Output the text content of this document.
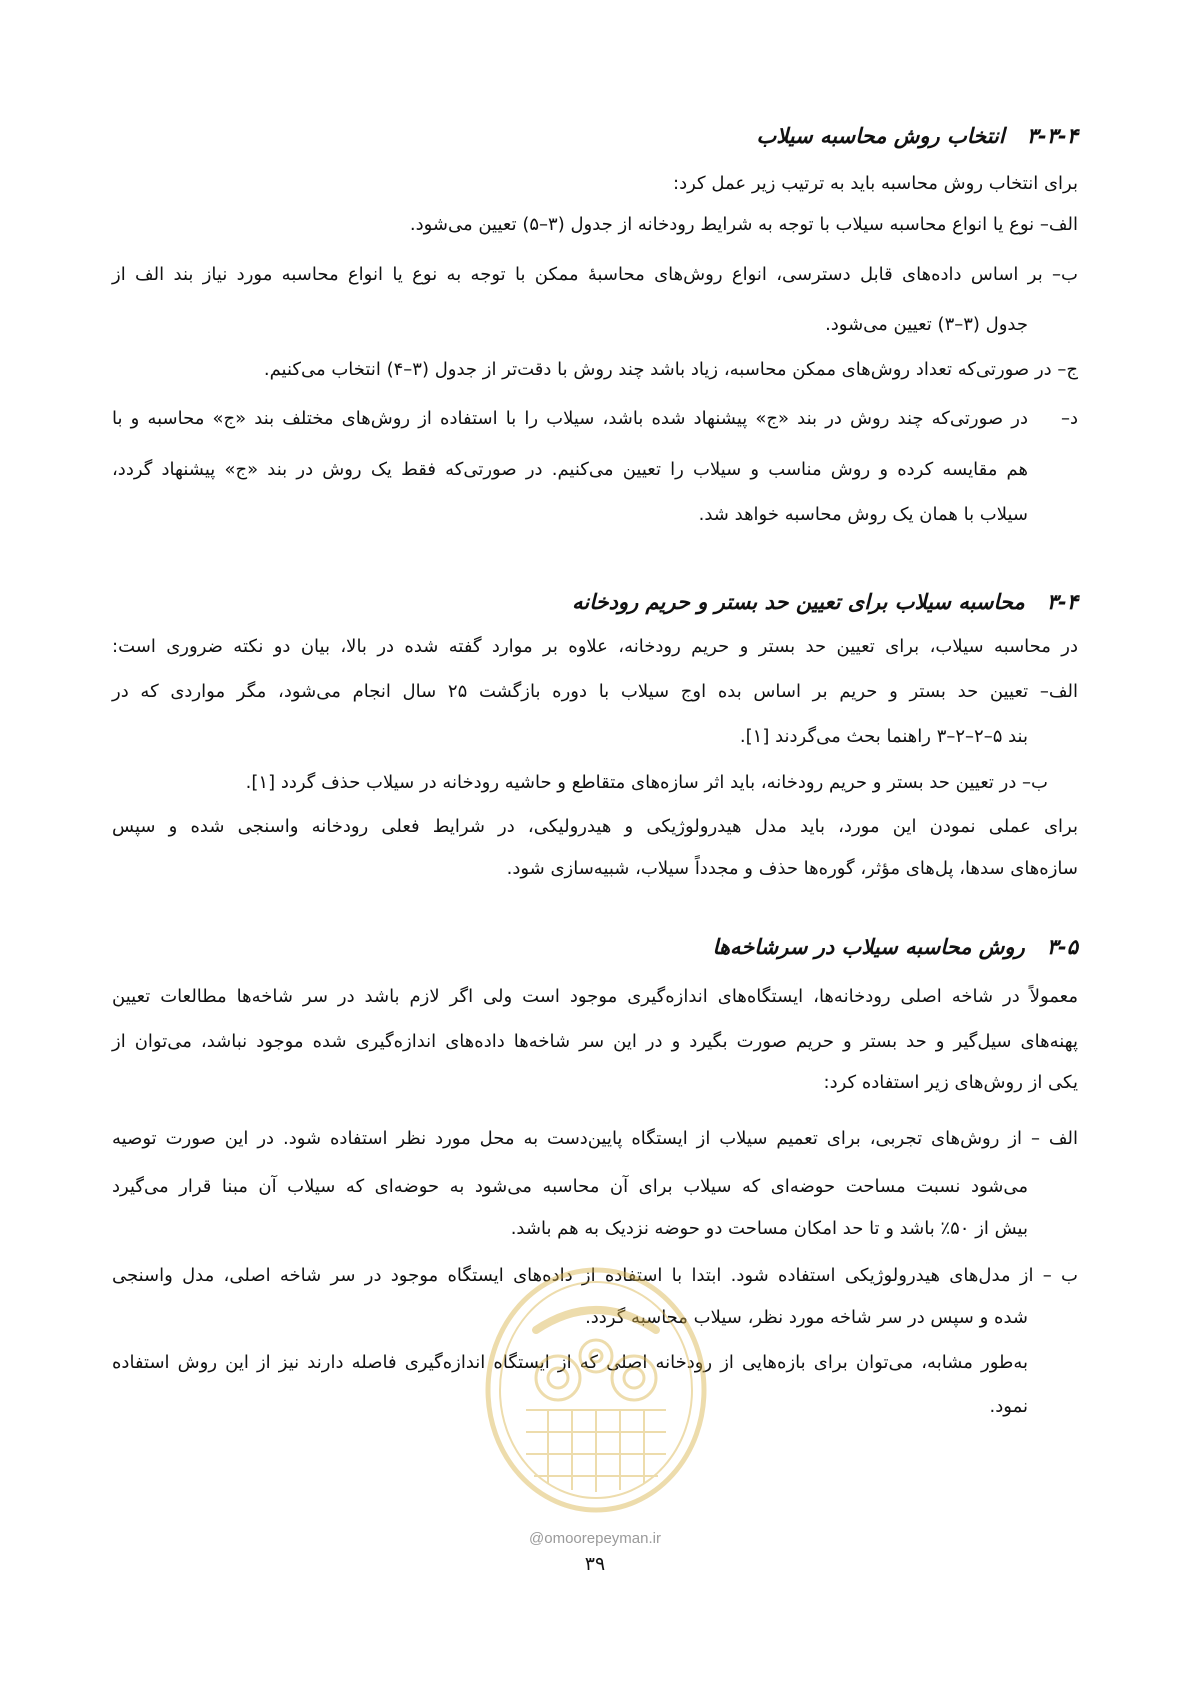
۳-۳-۴انتخاب روش محاسبه سیلاب
برای انتخاب روش محاسبه باید به ترتیب زیر عمل کرد:
الف– نوع یا انواع محاسبه سیلاب با توجه به شرایط رودخانه از جدول (۳–۵) تعیین می‌شود.
ب– بر اساس داده‌های قابل دسترسی، انواع روش‌های محاسبهٔ ممکن با توجه به نوع یا انواع محاسبه مورد نیاز بند الف از
جدول (۳–۳) تعیین می‌شود.
ج– در صورتی‌که تعداد روش‌های ممکن محاسبه، زیاد باشد چند روش با دقت‌تر از جدول (۳–۴) انتخاب می‌کنیم.
د–
در صورتی‌که چند روش در بند «ج» پیشنهاد شده باشد، سیلاب را با استفاده از روش‌های مختلف بند «ج» محاسبه و با
هم مقایسه کرده و روش مناسب و سیلاب را تعیین می‌کنیم. در صورتی‌که فقط یک روش در بند «ج» پیشنهاد گردد،
سیلاب با همان یک روش محاسبه خواهد شد.
۳-۴محاسبه سیلاب برای تعیین حد بستر و حریم رودخانه
در محاسبه سیلاب، برای تعیین حد بستر و حریم رودخانه، علاوه بر موارد گفته شده در بالا، بیان دو نکته ضروری است:
الف– تعیین حد بستر و حریم بر اساس بده اوج سیلاب با دوره بازگشت ۲۵ سال انجام می‌شود، مگر مواردی که در
بند ۵–۲–۲–۳ راهنما بحث می‌گردند [۱].
ب– در تعیین حد بستر و حریم رودخانه، باید اثر سازه‌های متقاطع و حاشیه رودخانه در سیلاب حذف گردد [۱].
برای عملی نمودن این مورد، باید مدل هیدرولوژیکی و هیدرولیکی، در شرایط فعلی رودخانه واسنجی شده و سپس
سازه‌های سدها، پل‌های مؤثر، گوره‌ها حذف و مجدداً سیلاب، شبیه‌سازی شود.
۳-۵روش محاسبه سیلاب در سرشاخه‌ها
معمولاً در شاخه اصلی رودخانه‌ها، ایستگاه‌های اندازه‌گیری موجود است ولی اگر لازم باشد در سر شاخه‌ها مطالعات تعیین
پهنه‌های سیل‌گیر و حد بستر و حریم صورت بگیرد و در این سر شاخه‌ها داده‌های اندازه‌گیری شده موجود نباشد، می‌توان از
یکی از روش‌های زیر استفاده کرد:
الف – از روش‌های تجربی، برای تعمیم سیلاب از ایستگاه پایین‌دست به محل مورد نظر استفاده شود. در این صورت توصیه
می‌شود نسبت مساحت حوضه‌ای که سیلاب برای آن محاسبه می‌شود به حوضه‌ای که سیلاب آن مبنا قرار می‌گیرد
بیش از ۵۰٪ باشد و تا حد امکان مساحت دو حوضه نزدیک به هم باشد.
ب – از مدل‌های هیدرولوژیکی استفاده شود. ابتدا با استفاده از داده‌های ایستگاه موجود در سر شاخه اصلی، مدل واسنجی
شده و سپس در سر شاخه مورد نظر، سیلاب محاسبه گردد.
به‌طور مشابه، می‌توان برای بازه‌هایی از رودخانه اصلی که از ایستگاه اندازه‌گیری فاصله دارند نیز از این روش استفاده
نمود.
@omoorepeyman.ir
۳۹
